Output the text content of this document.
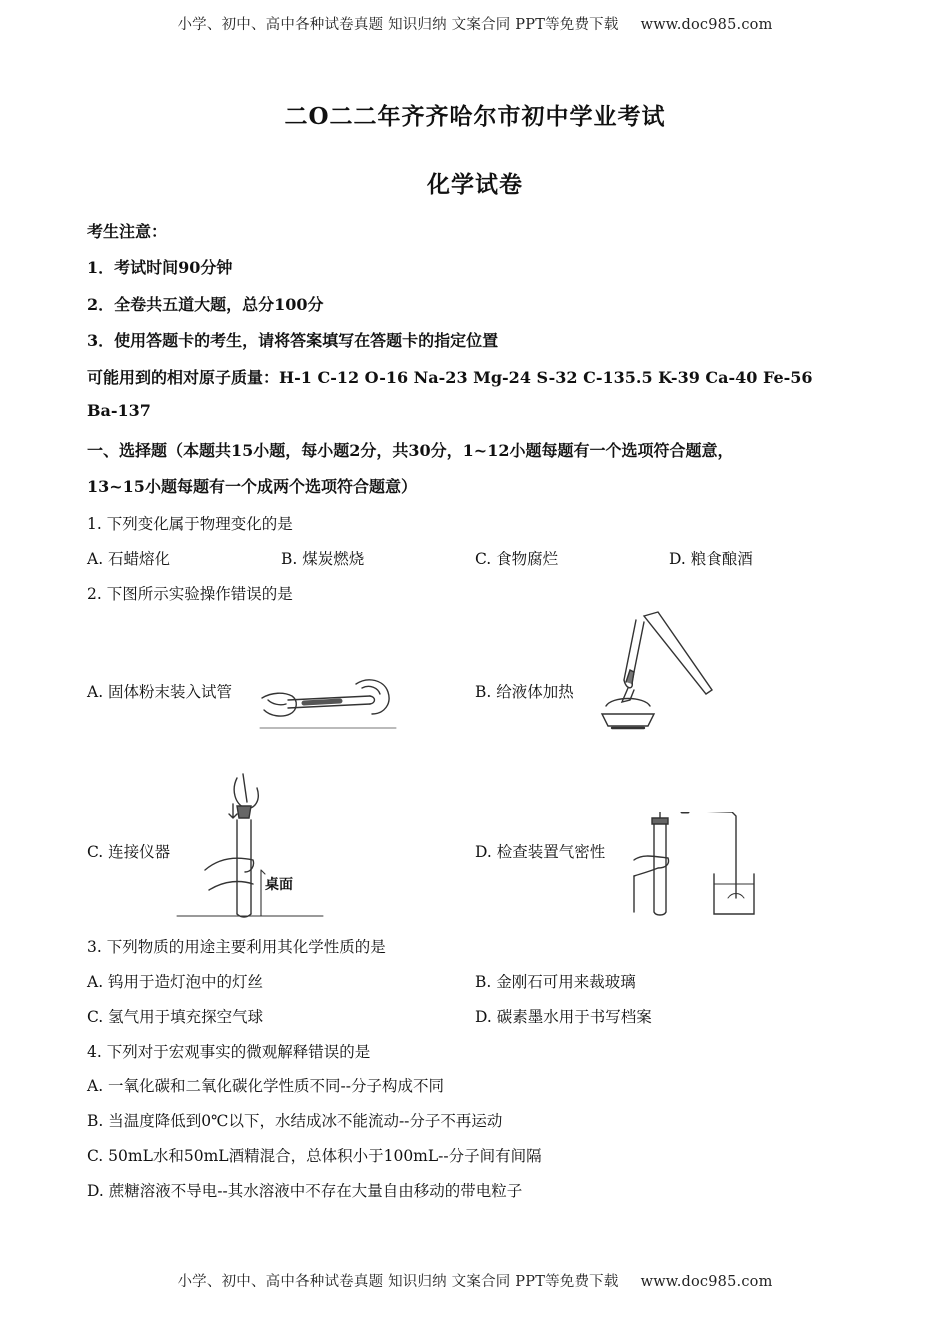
小学、初中、高中各种试卷真题 知识归纳 文案合同 PPT等免费下载 www.doc985.com
二O二二年齐齐哈尔市初中学业考试
化学试卷
考生注意：
1．考试时间90分钟
2．全卷共五道大题，总分100分
3．使用答题卡的考生，请将答案填写在答题卡的指定位置
可能用到的相对原子质量：H-1 C-12 O-16 Na-23 Mg-24 S-32 C-135.5 K-39 Ca-40 Fe-56
Ba-137
一、选择题（本题共15小题，每小题2分，共30分，1~12小题每题有一个选项符合题意，
13~15小题每题有一个成两个选项符合题意）
1. 下列变化属于物理变化的是
A. 石蜡熔化	B. 煤炭燃烧	C. 食物腐烂	D. 粮食酿酒
2. 下图所示实验操作错误的是
A. 固体粉末装入试管	B. 给液体加热
C. 连接仪器	D. 检查装置气密性
桌面
3. 下列物质的用途主要利用其化学性质的是
A. 钨用于造灯泡中的灯丝	B. 金刚石可用来裁玻璃
C. 氢气用于填充探空气球	D. 碳素墨水用于书写档案
4. 下列对于宏观事实的微观解释错误的是
A. 一氧化碳和二氧化碳化学性质不同--分子构成不同
B. 当温度降低到0℃以下，水结成冰不能流动--分子不再运动
C. 50mL水和50mL酒精混合，总体积小于100mL--分子间有间隔
D. 蔗糖溶液不导电--其水溶液中不存在大量自由移动的带电粒子
小学、初中、高中各种试卷真题 知识归纳 文案合同 PPT等免费下载 www.doc985.com
